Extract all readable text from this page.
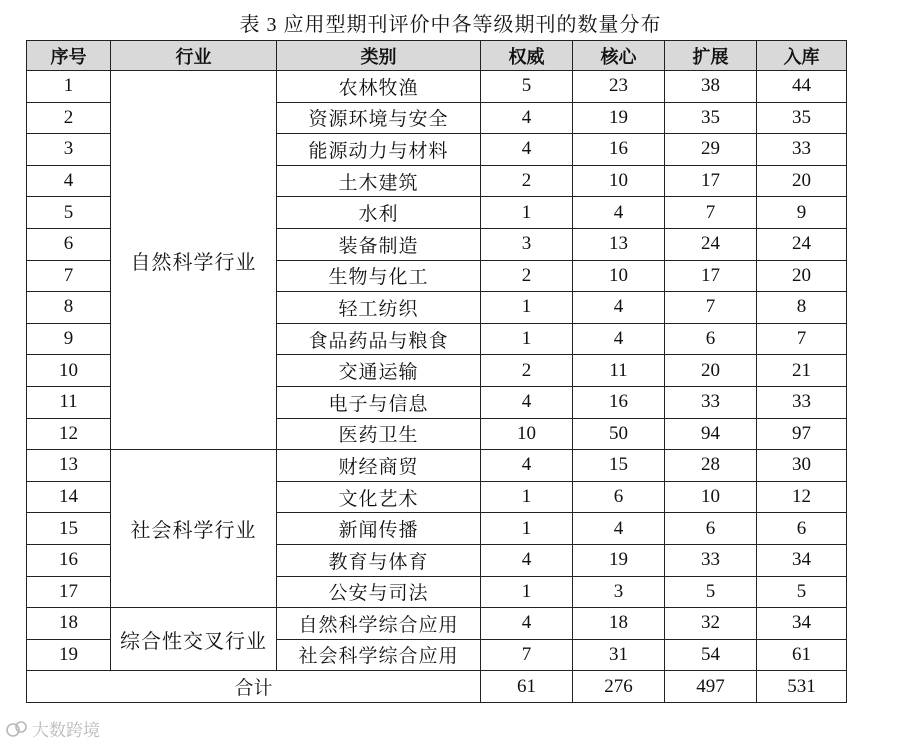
表 3 应用型期刊评价中各等级期刊的数量分布
序号	行业	类别	权威	核心	扩展	入库
1	自然科学行业	农林牧渔	5	23	38	44
2		资源环境与安全	4	19	35	35
3		能源动力与材料	4	16	29	33
4		土木建筑	2	10	17	20
5		水利	1	4	7	9
6		装备制造	3	13	24	24
7		生物与化工	2	10	17	20
8		轻工纺织	1	4	7	8
9		食品药品与粮食	1	4	6	7
10		交通运输	2	11	20	21
11		电子与信息	4	16	33	33
12		医药卫生	10	50	94	97
13	社会科学行业	财经商贸	4	15	28	30
14		文化艺术	1	6	10	12
15		新闻传播	1	4	6	6
16		教育与体育	4	19	33	34
17		公安与司法	1	3	5	5
18	综合性交叉行业	自然科学综合应用	4	18	32	34
19		社会科学综合应用	7	31	54	61
合计			61	276	497	531
大数跨境
